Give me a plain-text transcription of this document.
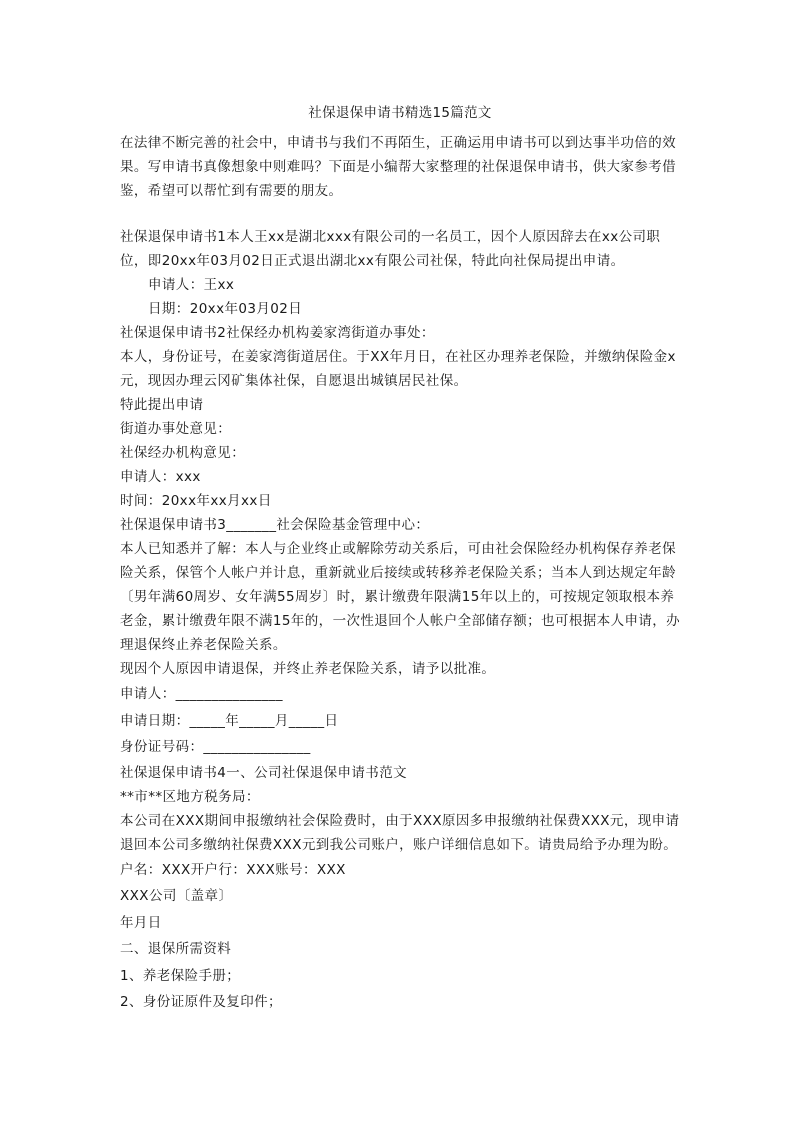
社保退保申请书精选15篇范文

在法律不断完善的社会中，申请书与我们不再陌生，正确运用申请书可以到达事半功倍的效果。写申请书真像想象中则难吗？下面是小编帮大家整理的社保退保申请书，供大家参考借鉴，希望可以帮忙到有需要的朋友。

社保退保申请书1本人王xx是湖北xxx有限公司的一名员工，因个人原因辞去在xx公司职位，即20xx年03月02日正式退出湖北xx有限公司社保，特此向社保局提出申请。

申请人：王xx

日期：20xx年03月02日

社保退保申请书2社保经办机构姜家湾街道办事处：

本人，身份证号，在姜家湾街道居住。于XX年月日，在社区办理养老保险，并缴纳保险金x元，现因办理云冈矿集体社保，自愿退出城镇居民社保。

特此提出申请

街道办事处意见：

社保经办机构意见：

申请人：xxx

时间：20xx年xx月xx日

社保退保申请书3_______社会保险基金管理中心：

本人已知悉并了解：本人与企业终止或解除劳动关系后，可由社会保险经办机构保存养老保险关系，保管个人帐户并计息，重新就业后接续或转移养老保险关系；当本人到达规定年龄〔男年满60周岁、女年满55周岁〕时，累计缴费年限满15年以上的，可按规定领取根本养老金，累计缴费年限不满15年的，一次性退回个人帐户全部储存额；也可根据本人申请，办理退保终止养老保险关系。

现因个人原因申请退保，并终止养老保险关系，请予以批准。

申请人：_______________

申请日期：_____年_____月_____日

身份证号码：_______________

社保退保申请书4一、公司社保退保申请书范文

**市**区地方税务局：

本公司在XXX期间申报缴纳社会保险费时，由于XXX原因多申报缴纳社保费XXX元，现申请退回本公司多缴纳社保费XXX元到我公司账户，账户详细信息如下。请贵局给予办理为盼。

户名：XXX开户行：XXX账号：XXX

XXX公司〔盖章〕

年月日

二、退保所需资料

1、养老保险手册；

2、身份证原件及复印件；
